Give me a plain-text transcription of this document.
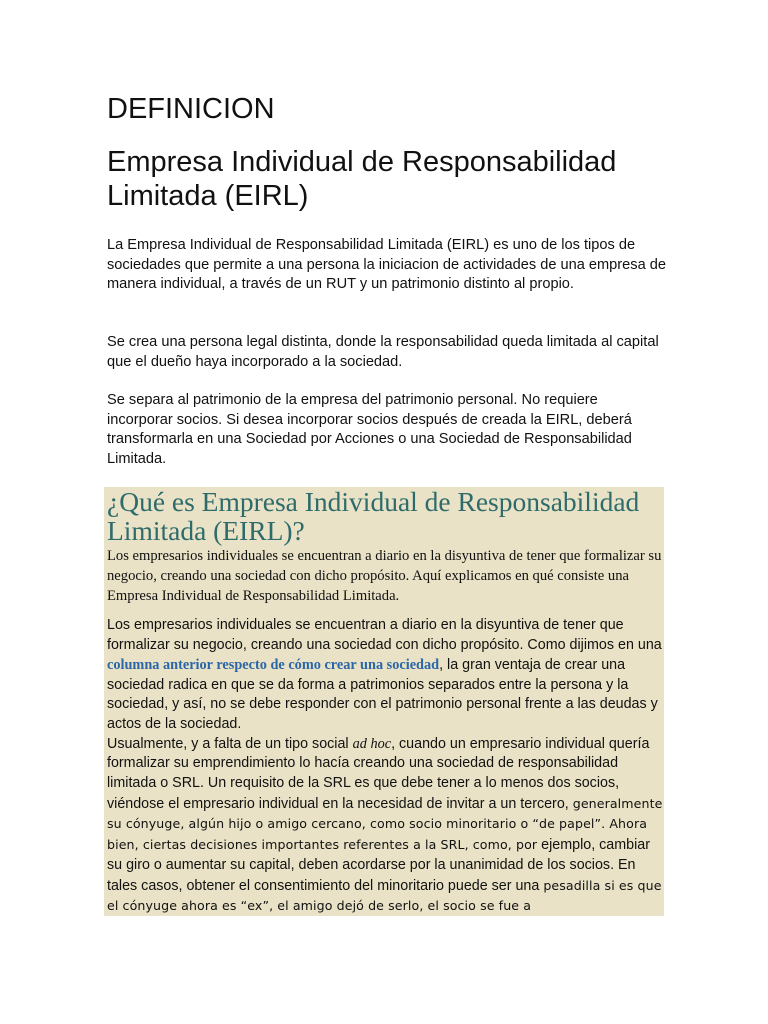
DEFINICION
Empresa Individual de Responsabilidad Limitada (EIRL)

La Empresa Individual de Responsabilidad Limitada (EIRL) es uno de los tipos de sociedades que permite a una persona la iniciacion de actividades de una empresa de manera individual, a través de un RUT y un patrimonio distinto al propio.

Se crea una persona legal distinta, donde la responsabilidad queda limitada al capital que el dueño haya incorporado a la sociedad.

Se separa al patrimonio de la empresa del patrimonio personal. No requiere incorporar socios. Si desea incorporar socios después de creada la EIRL, deberá transformarla en una Sociedad por Acciones o una Sociedad de Responsabilidad Limitada.

¿Qué es Empresa Individual de Responsabilidad Limitada (EIRL)?

Los empresarios individuales se encuentran a diario en la disyuntiva de tener que formalizar su negocio, creando una sociedad con dicho propósito. Aquí explicamos en qué consiste una Empresa Individual de Responsabilidad Limitada.

Los empresarios individuales se encuentran a diario en la disyuntiva de tener que formalizar su negocio, creando una sociedad con dicho propósito. Como dijimos en una columna anterior respecto de cómo crear una sociedad, la gran ventaja de crear una sociedad radica en que se da forma a patrimonios separados entre la persona y la sociedad, y así, no se debe responder con el patrimonio personal frente a las deudas y actos de la sociedad.
Usualmente, y a falta de un tipo social ad hoc, cuando un empresario individual quería formalizar su emprendimiento lo hacía creando una sociedad de responsabilidad limitada o SRL. Un requisito de la SRL es que debe tener a lo menos dos socios, viéndose el empresario individual en la necesidad de invitar a un tercero, generalmente su cónyuge, algún hijo o amigo cercano, como socio minoritario o “de papel”. Ahora bien, ciertas decisiones importantes referentes a la SRL, como, por ejemplo, cambiar su giro o aumentar su capital, deben acordarse por la unanimidad de los socios. En tales casos, obtener el consentimiento del minoritario puede ser una pesadilla si es que el cónyuge ahora es “ex”, el amigo dejó de serlo, el socio se fue a
